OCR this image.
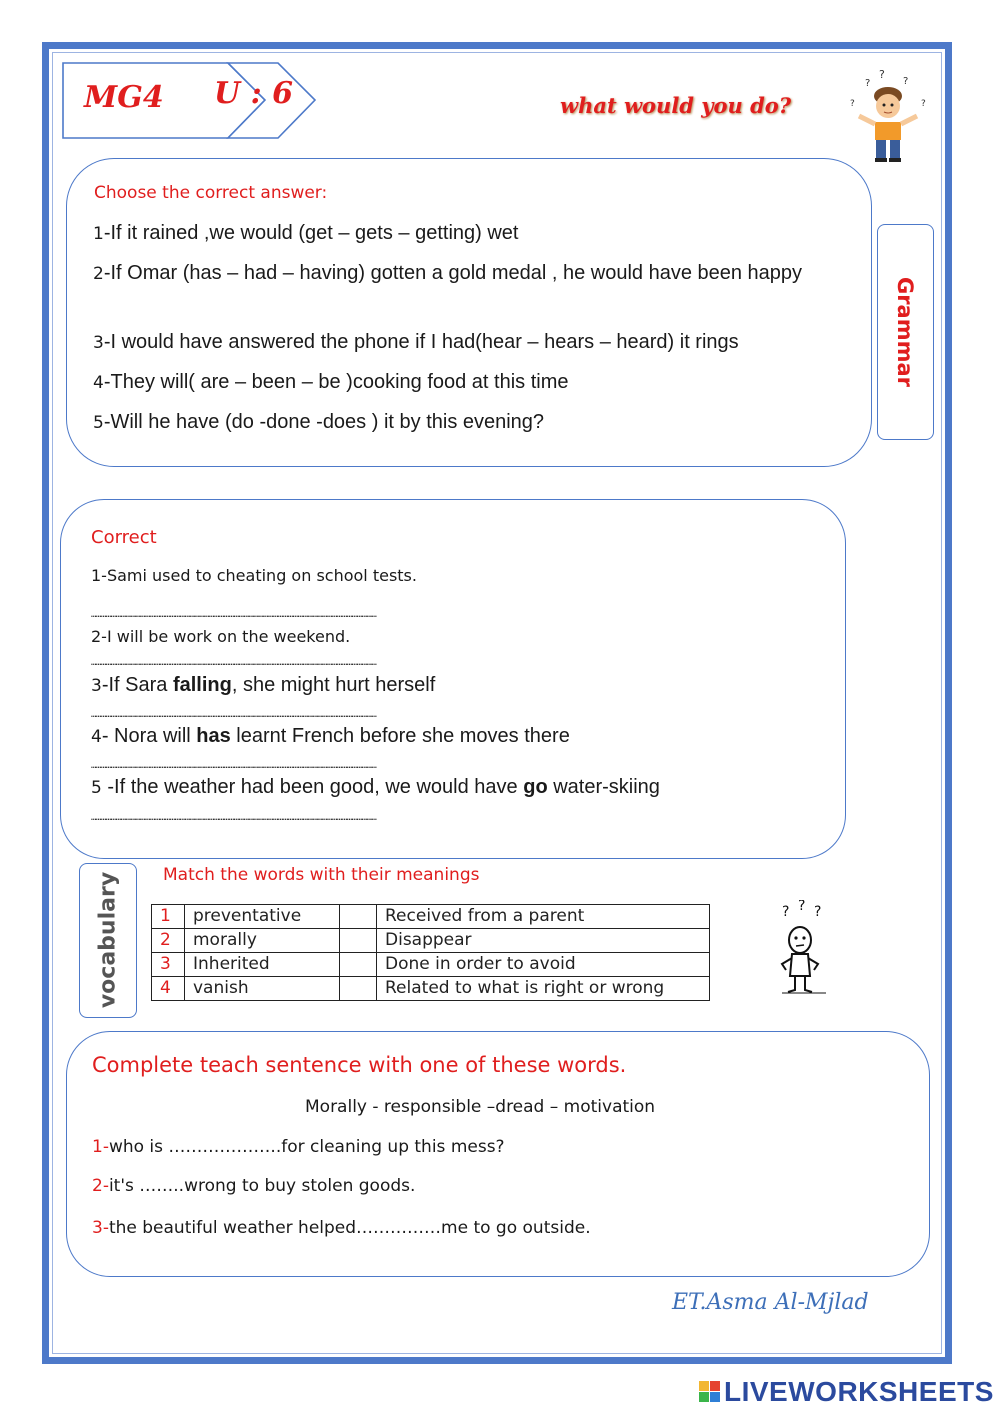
MG4 U : 6	what would you do?
?
?	?
?	?
Choose the correct answer:
1-If it rained ,we would (get – gets – getting) wet
2-If Omar (has – had – having) gotten a gold medal , he would have been happy
3-I would have answered the phone if I had(hear – hears – heard) it rings
4-They will( are – been – be )cooking food at this time
5-Will he have (do -done -does ) it by this evening?
Grammar
Correct
1-Sami used to cheating on school tests.
…………………………………………………………………………………………………………………………………………………………
2-I will be work on the weekend.
…………………………………………………………………………………………………………………………………………………………
3-If Sara falling, she might hurt herself
…………………………………………………………………………………………………………………………………………………………
4- Nora will has learnt French before she moves there
…………………………………………………………………………………………………………………………………………………………
5 -If the weather had been good, we would have go water-skiing
…………………………………………………………………………………………………………………………………………………………
vocabulary	Match the words with their meanings
1	preventative		Received from a parent
2	morally		Disappear
3	Inherited		Done in order to avoid
4	vanish		Related to what is right or wrong
? ? ?
Complete teach sentence with one of these words.
Morally - responsible –dread – motivation
1-who is ………………..for cleaning up this mess?
2-it's ……..wrong to buy stolen goods.
3-the beautiful weather helped……………me to go outside.
ET.Asma Al-Mjlad
LIVEWORKSHEETS
